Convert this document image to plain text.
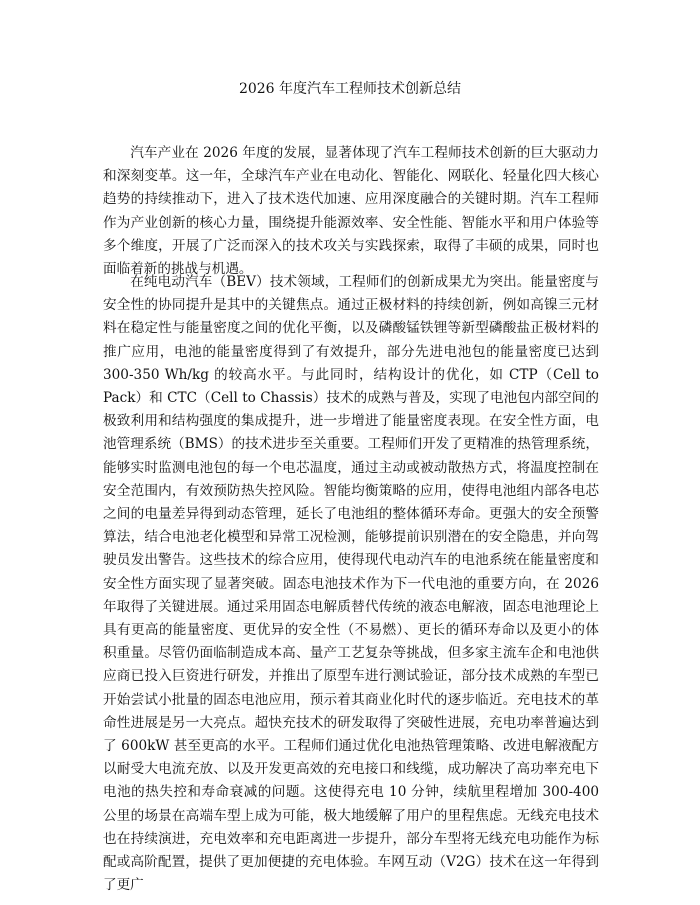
2026 年度汽车工程师技术创新总结

汽车产业在 2026 年度的发展，显著体现了汽车工程师技术创新的巨大驱动力和深刻变革。这一年，全球汽车产业在电动化、智能化、网联化、轻量化四大核心趋势的持续推动下，进入了技术迭代加速、应用深度融合的关键时期。汽车工程师作为产业创新的核心力量，围绕提升能源效率、安全性能、智能水平和用户体验等多个维度，开展了广泛而深入的技术攻关与实践探索，取得了丰硕的成果，同时也面临着新的挑战与机遇。

在纯电动汽车（BEV）技术领域，工程师们的创新成果尤为突出。能量密度与安全性的协同提升是其中的关键焦点。通过正极材料的持续创新，例如高镍三元材料在稳定性与能量密度之间的优化平衡，以及磷酸锰铁锂等新型磷酸盐正极材料的推广应用，电池的能量密度得到了有效提升，部分先进电池包的能量密度已达到 300-350 Wh/kg 的较高水平。与此同时，结构设计的优化，如 CTP（Cell to Pack）和 CTC（Cell to Chassis）技术的成熟与普及，实现了电池包内部空间的极致利用和结构强度的集成提升，进一步增进了能量密度表现。在安全性方面，电池管理系统（BMS）的技术进步至关重要。工程师们开发了更精准的热管理系统，能够实时监测电池包的每一个电芯温度，通过主动或被动散热方式，将温度控制在安全范围内，有效预防热失控风险。智能均衡策略的应用，使得电池组内部各电芯之间的电量差异得到动态管理，延长了电池组的整体循环寿命。更强大的安全预警算法，结合电池老化模型和异常工况检测，能够提前识别潜在的安全隐患，并向驾驶员发出警告。这些技术的综合应用，使得现代电动汽车的电池系统在能量密度和安全性方面实现了显著突破。固态电池技术作为下一代电池的重要方向，在 2026 年取得了关键进展。通过采用固态电解质替代传统的液态电解液，固态电池理论上具有更高的能量密度、更优异的安全性（不易燃）、更长的循环寿命以及更小的体积重量。尽管仍面临制造成本高、量产工艺复杂等挑战，但多家主流车企和电池供应商已投入巨资进行研发，并推出了原型车进行测试验证，部分技术成熟的车型已开始尝试小批量的固态电池应用，预示着其商业化时代的逐步临近。充电技术的革命性进展是另一大亮点。超快充技术的研发取得了突破性进展，充电功率普遍达到了 600kW 甚至更高的水平。工程师们通过优化电池热管理策略、改进电解液配方以耐受大电流充放、以及开发更高效的充电接口和线缆，成功解决了高功率充电下电池的热失控和寿命衰减的问题。这使得充电 10 分钟，续航里程增加 300-400 公里的场景在高端车型上成为可能，极大地缓解了用户的里程焦虑。无线充电技术也在持续演进，充电效率和充电距离进一步提升，部分车型将无线充电功能作为标配或高阶配置，提供了更加便捷的充电体验。车网互动（V2G）技术在这一年得到了更广
